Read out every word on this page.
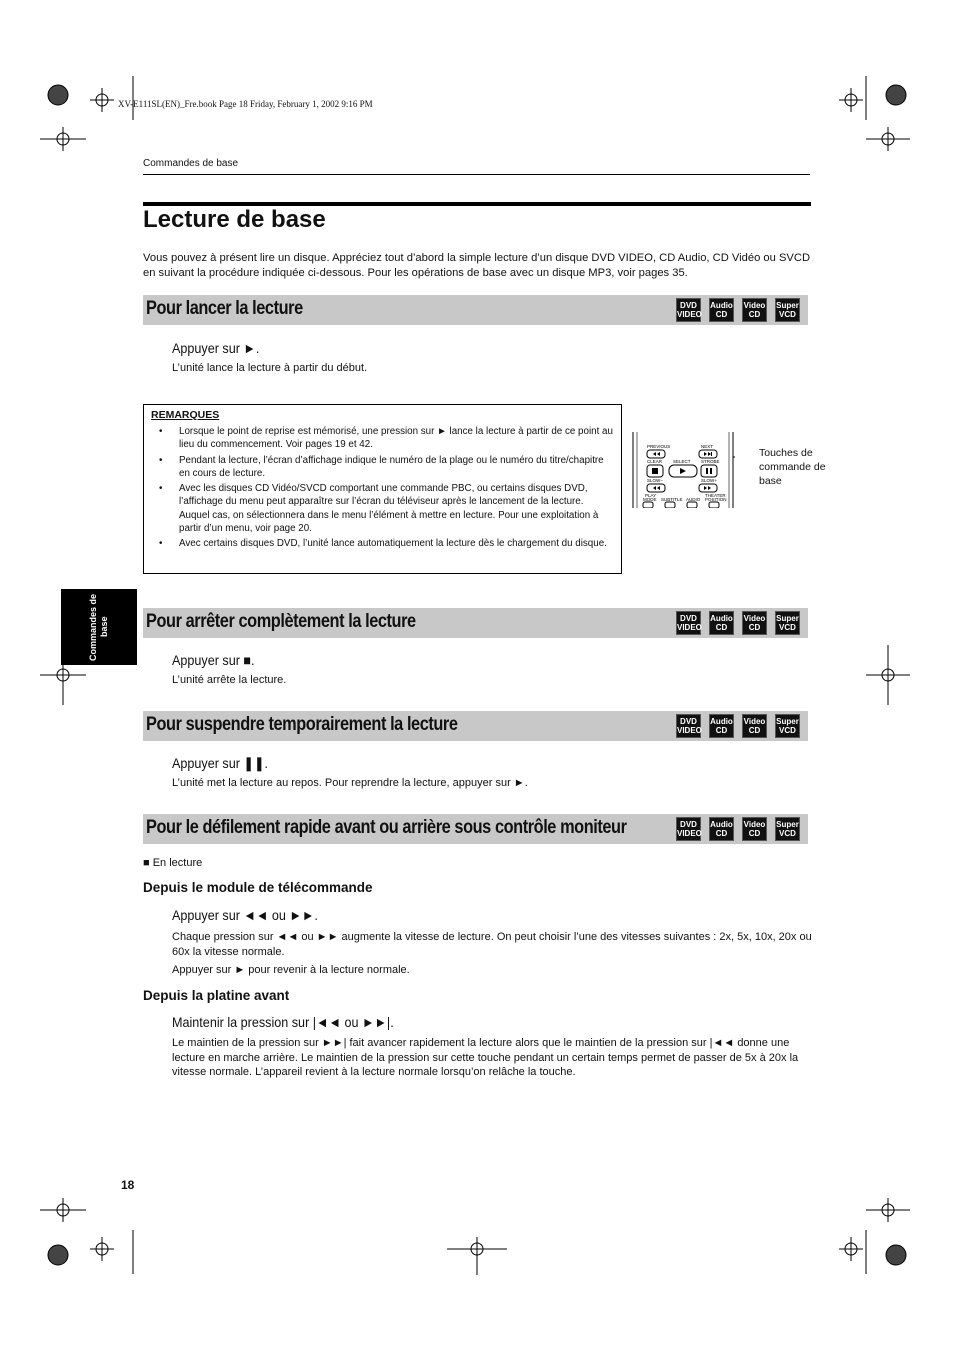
XV-E111SL(EN)_Fre.book Page 18 Friday, February 1, 2002 9:16 PM
Commandes de base
Lecture de base
Vous pouvez à présent lire un disque. Appréciez tout d’abord la simple lecture d’un disque DVD VIDEO, CD Audio, CD Vidéo ou SVCD en suivant la procédure indiquée ci-dessous. Pour les opérations de base avec un disque MP3, voir pages 35.
Pour lancer la lecture	DVD
VIDEO
Audio
CD
Video
CD
Super
VCD
Appuyer sur ►.
L’unité lance la lecture à partir du début.
REMARQUES
• Lorsque le point de reprise est mémorisé, une pression sur ► lance la lecture à partir de ce point au lieu du commencement. Voir pages 19 et 42.
• Pendant la lecture, l’écran d’affichage indique le numéro de la plage ou le numéro du titre/chapitre en cours de lecture.
• Avec les disques CD Vidéo/SVCD comportant une commande PBC, ou certains disques DVD, l’affichage du menu peut apparaître sur l’écran du téléviseur après le lancement de la lecture. Auquel cas, on sélectionnera dans le menu l’élément à mettre en lecture. Pour une exploitation à partir d’un menu, voir page 20.
• Avec certains disques DVD, l’unité lance automatiquement la lecture dès le chargement du disque.
PREVIOUS	NEXT
CLEAR SELECT STROBE
SLOW−	SLOW+
PLAY	THEATER
MODE SUBTITLE AUDIO POSITION
Touches de commande de base
Commandes de base	Pour arrêter complètement la lecture	DVD
VIDEO
Audio
CD
Video
CD
Super
VCD
Appuyer sur ■.
L’unité arrête la lecture.
Pour suspendre temporairement la lecture	DVD
VIDEO
Audio
CD
Video
CD
Super
VCD
Appuyer sur ❚❚.
L’unité met la lecture au repos. Pour reprendre la lecture, appuyer sur ►.
Pour le défilement rapide avant ou arrière sous contrôle moniteur	DVD
VIDEO
Audio
CD
Video
CD
Super
VCD
■ En lecture
Depuis le module de télécommande
Appuyer sur ◄◄ ou ►►.
Chaque pression sur ◄◄ ou ►► augmente la vitesse de lecture. On peut choisir l’une des vitesses suivantes : 2x, 5x, 10x, 20x ou 60x la vitesse normale.
Appuyer sur ► pour revenir à la lecture normale.
Depuis la platine avant
Maintenir la pression sur |◄◄ ou ►►|.
Le maintien de la pression sur ►►| fait avancer rapidement la lecture alors que le maintien de la pression sur |◄◄ donne une lecture en marche arrière. Le maintien de la pression sur cette touche pendant un certain temps permet de passer de 5x à 20x la vitesse normale. L’appareil revient à la lecture normale lorsqu’on relâche la touche.
18
